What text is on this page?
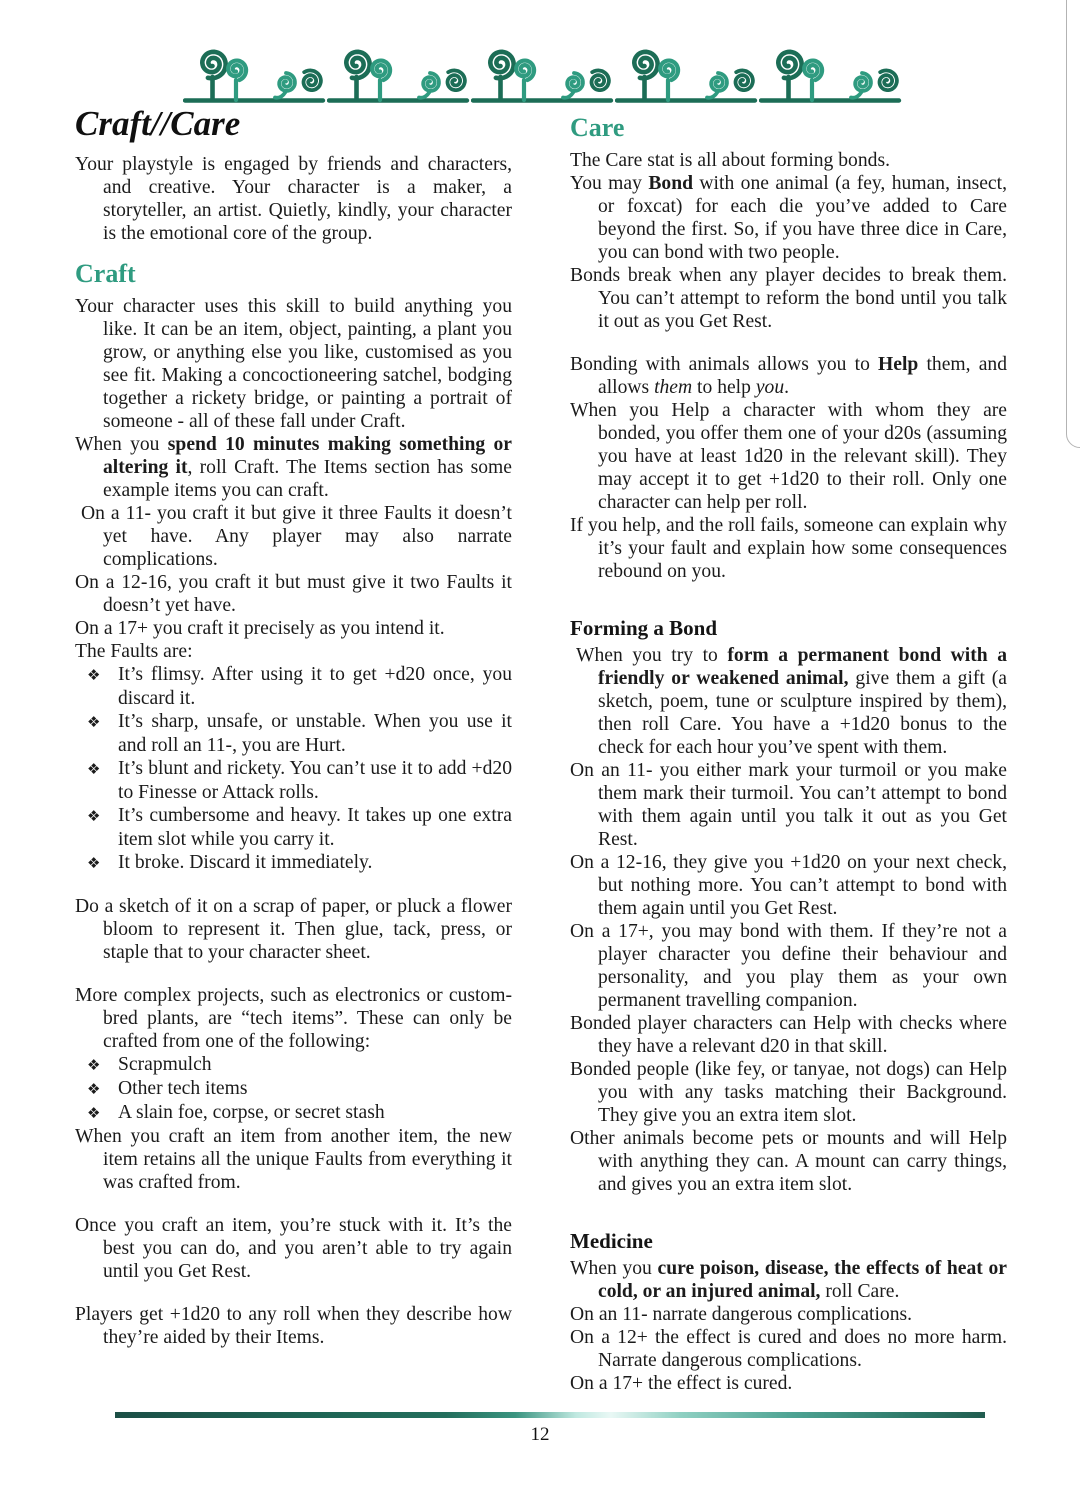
Craft//Care
Your playstyle is engaged by friends and characters, and creative. Your character is a maker, a storyteller, an artist. Quietly, kindly, your character is the emotional core of the group.
Craft
Your character uses this skill to build anything you like. It can be an item, object, painting, a plant you grow, or anything else you like, customised as you see fit. Making a concoctioneering satchel, bodging together a rickety bridge, or painting a portrait of someone - all of these fall under Craft.
When you spend 10 minutes making something or altering it, roll Craft. The Items section has some example items you can craft.
On a 11- you craft it but give it three Faults it doesn’t yet have. Any player may also narrate complications.
On a 12-16, you craft it but must give it two Faults it doesn’t yet have.
On a 17+ you craft it precisely as you intend it.
The Faults are:
❖ It’s flimsy. After using it to get +d20 once, you discard it.
❖ It’s sharp, unsafe, or unstable. When you use it and roll an 11-, you are Hurt.
❖ It’s blunt and rickety. You can’t use it to add +d20 to Finesse or Attack rolls.
❖ It’s cumbersome and heavy. It takes up one extra item slot while you carry it.
❖ It broke. Discard it immediately.
Do a sketch of it on a scrap of paper, or pluck a flower bloom to represent it. Then glue, tack, press, or staple that to your character sheet.
More complex projects, such as electronics or custom-bred plants, are “tech items”. These can only be crafted from one of the following:
❖ Scrapmulch
❖ Other tech items
❖ A slain foe, corpse, or secret stash
When you craft an item from another item, the new item retains all the unique Faults from everything it was crafted from.
Once you craft an item, you’re stuck with it. It’s the best you can do, and you aren’t able to try again until you Get Rest.
Players get +1d20 to any roll when they describe how they’re aided by their Items.
Care
The Care stat is all about forming bonds.
You may Bond with one animal (a fey, human, insect, or foxcat) for each die you’ve added to Care beyond the first. So, if you have three dice in Care, you can bond with two people.
Bonds break when any player decides to break them. You can’t attempt to reform the bond until you talk it out as you Get Rest.
Bonding with animals allows you to Help them, and allows them to help you.
When you Help a character with whom they are bonded, you offer them one of your d20s (assuming you have at least 1d20 in the relevant skill). They may accept it to get +1d20 to their roll. Only one character can help per roll.
If you help, and the roll fails, someone can explain why it’s your fault and explain how some consequences rebound on you.
Forming a Bond
When you try to form a permanent bond with a friendly or weakened animal, give them a gift (a sketch, poem, tune or sculpture inspired by them), then roll Care. You have a +1d20 bonus to the check for each hour you’ve spent with them.
On an 11- you either mark your turmoil or you make them mark their turmoil. You can’t attempt to bond with them again until you talk it out as you Get Rest.
On a 12-16, they give you +1d20 on your next check, but nothing more. You can’t attempt to bond with them again until you Get Rest.
On a 17+, you may bond with them. If they’re not a player character you define their behaviour and personality, and you play them as your own permanent travelling companion.
Bonded player characters can Help with checks where they have a relevant d20 in that skill.
Bonded people (like fey, or tanyae, not dogs) can Help you with any tasks matching their Background. They give you an extra item slot.
Other animals become pets or mounts and will Help with anything they can. A mount can carry things, and gives you an extra item slot.
Medicine
When you cure poison, disease, the effects of heat or cold, or an injured animal, roll Care.
On an 11- narrate dangerous complications.
On a 12+ the effect is cured and does no more harm. Narrate dangerous complications.
On a 17+ the effect is cured.
12
